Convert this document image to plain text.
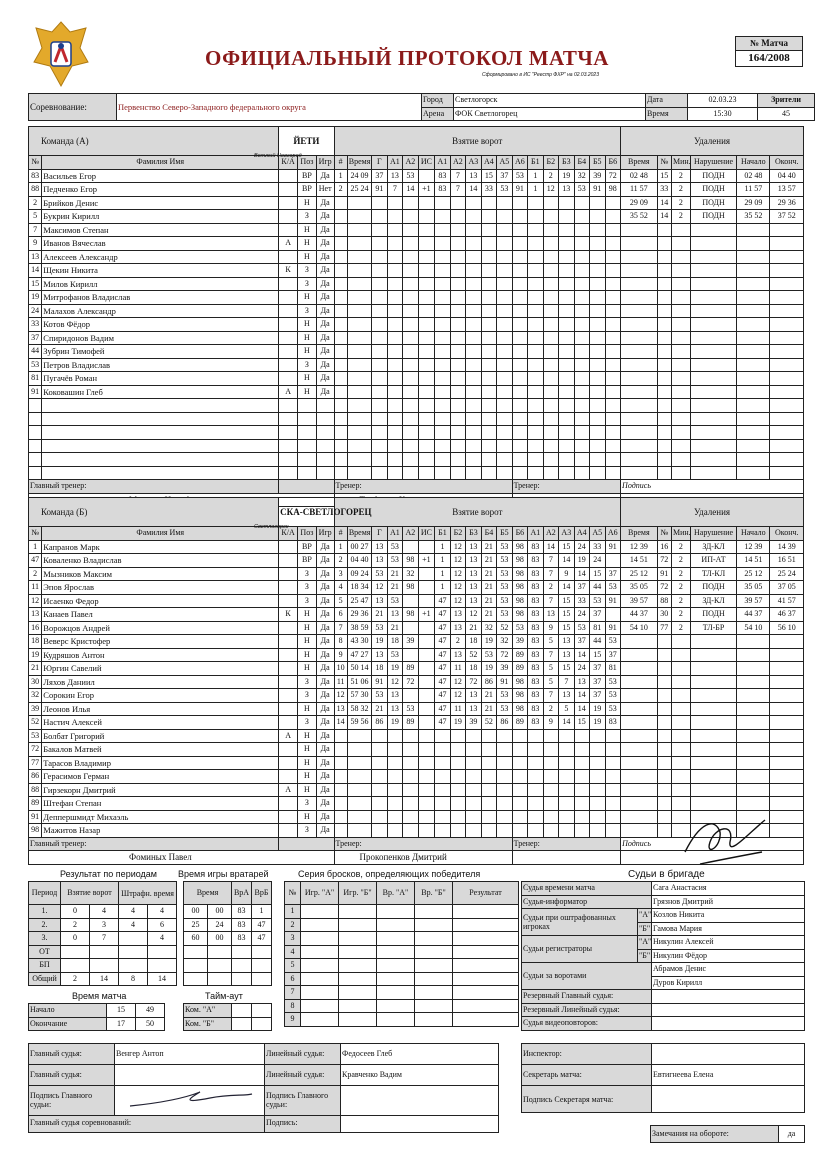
ОФИЦИАЛЬНЫЙ ПРОТОКОЛ МАТЧА
Сформировано в ИС "Реестр ФХР" на 02.03.2023
№ Матча
164/2008
Соревнование:	Первенство Северо-Западного федерального округа	Город	Светлогорск	Дата	02.03.23	Зрители
		Арена	ФОК Светлогорец	Время	15:30	45
Команда (А)		ЙЕТИ			Взятие ворот																		Удаления					
№	Фамилия Имя	К/А	Поз	Игр	#	Время	Г	А1	А2	ИС	А1	А2	А3	А4	А5	А6	Б1	Б2	Б3	Б4	Б5	Б6	Время	№	Мин.	Нарушение	Начало	Оконч.
83	Васильев Егор		ВР	Да	1	24 09	37	13	53		83	7	13	15	37	53	1	2	19	32	39	72	02 48	15	2	ПОДН	02 48	04 40
88	Педченко Егор		ВР	Нет	2	25 24	91	7	14	+1	83	7	14	33	53	91	1	12	13	53	91	98	11 57	33	2	ПОДН	11 57	13 57
2	Брийков Денис		Н	Да																			29 09	14	2	ПОДН	29 09	29 36
5	Букрин Кирилл		З	Да																			35 52	14	2	ПОДН	35 52	37 52
7	Максимов Степан		Н	Да																								
9	Иванов Вячеслав	А	Н	Да																								
13	Алексеев Александр		Н	Да																								
14	Щекин Никита	К	З	Да																								
15	Милов Кирилл		З	Да																								
19	Митрофанов Владислав		Н	Да																								
24	Малахов Александр		З	Да																								
33	Котов Фёдор		Н	Да																								
37	Спиридонов Вадим		Н	Да																								
44	Зубрин Тимофей		Н	Да																								
53	Петров Владислав		З	Да																								
81	Пугачёв Роман		Н	Да																								
91	Коковашин Глеб	А	Н	Да																								

Главный тренер:					Тренер:											Тренер:							Подпись					

Великий Новгород
Команда (Б)		СКА-СВЕТЛОГОРЕЦ			Взятие ворот																		Удаления					
№	Фамилия Имя	К/А	Поз	Игр	#	Время	Г	А1	А2	ИС	Б1	Б2	Б3	Б4	Б5	Б6	А1	А2	А3	А4	А5	А6	Время	№	Мин.	Нарушение	Начало	Оконч.
1	Капранов Марк		ВР	Да	1	00 27	13	53			1	12	13	21	53	98	83	14	15	24	33	91	12 39	16	2	ЗД-КЛ	12 39	14 39
47	Коваленко Владислав		ВР	Да	2	04 40	13	53	98	+1	1	12	13	21	53	98	83	7	14	19	24		14 51	72	2	ИП-АТ	14 51	16 51
2	Мызников Максим		З	Да	3	09 24	53	21	32		1	12	13	21	53	98	83	7	9	14	15	37	25 12	91	2	ТЛ-КЛ	25 12	25 24
11	Эпов Ярослав		З	Да	4	18 34	12	21	98		1	12	13	21	53	98	83	2	14	37	44	53	35 05	72	2	ПОДН	35 05	37 05
12	Исаенко Федор		З	Да	5	25 47	13	53			47	12	13	21	53	98	83	7	15	33	53	91	39 57	88	2	ЗД-КЛ	39 57	41 57
13	Канаев Павел	К	Н	Да	6	29 36	21	13	98	+1	47	13	12	21	53	98	83	13	15	24	37		44 37	30	2	ПОДН	44 37	46 37
16	Ворожцов Андрей		Н	Да	7	38 59	53	21			47	13	21	32	52	53	83	9	15	53	81	91	54 10	77	2	ТЛ-БР	54 10	56 10
18	Веверс Кристофер		Н	Да	8	43 30	19	18	39		47	2	18	19	32	39	83	5	13	37	44	53						
19	Кудряшов Антон		Н	Да	9	47 27	13	53			47	13	52	53	72	89	83	7	13	14	15	37						
21	Юргин Савелий		Н	Да	10	50 14	18	19	89		47	11	18	19	39	89	83	5	15	24	37	81						
30	Ляхов Даниил		З	Да	11	51 06	91	12	72		47	12	72	86	91	98	83	5	7	13	37	53						
32	Сорокин Егор		З	Да	12	57 30	53	13			47	12	13	21	53	98	83	7	13	14	37	53						
39	Леонов Илья		Н	Да	13	58 32	21	13	53		47	11	13	21	53	98	83	2	5	14	19	53						
52	Настич Алексей		З	Да	14	59 56	86	19	89		47	19	39	52	86	89	83	9	14	15	19	83						
53	Болбат Григорий	А	Н	Да																								
72	Бакалов Матвей		Н	Да																								
77	Тарасов Владимир		Н	Да																								
86	Герасимов Герман		Н	Да																								
88	Гирзекорн Дмитрий	А	Н	Да																								
89	Штефан Степан		З	Да																								
91	Деппершмидт Михаэль		Н	Да																								
98	Мажитов Назар		З	Да																								
Главный тренер:					Тренер:											Тренер:							Подпись					
Фоминых Павел					Прокопенков Дмитрий																							
Светлогорск
Результат по периодам
Период	Взятие ворот		Штрафн. время	
1.	0	4	4	4
2.	2	3	4	6
3.	0	7		4
ОТ				
БП				
Общий	2	14	8	14
Время игры вратарей
Время		ВрА	ВрБ
00	00	83	1
25	24	83	47
60	00	83	47

Время матча
Начало	15	49
Окончание	17	50
Тайм-аут
Ком. "А"		
Ком. "Б"		
Серия бросков, определяющих победителя
№	Игр. "А"	Игр. "Б"	Вр. "А"	Вр. "Б"	Результат
1					
2					
3					
4					
5					
6					
7					
8					
9					
Судьи в бригаде
Судья времени матча		Сага Анастасия
Судья-информатор		Грязнов Дмитрий
Судьи при оштрафованных игроках	"А"	Козлов Никита
	"Б"	Гамова Мария
Судьи регистраторы	"А"	Никулин Алексей
	"Б"	Никулин Фёдор
Судьи за воротами		Абрамов Денис
		Дуров Кирилл
Резервный Главный судья:		
Резервный Линейный судья:		
Судья видеоповторов:		
Главный судья:	Венгер Антоп	Линейный судья:	Федосеев Глеб
Главный судья:		Линейный судья:	Кравченко Вадим
Подпись Главного судьи:		Подпись Главного судьи:	
Главный судья соревнований:		Подпись:	
Инспектор:	
Секретарь матча:	Евтигнеева Елена
Подпись Секретаря матча:	
Замечания на обороте:	да
